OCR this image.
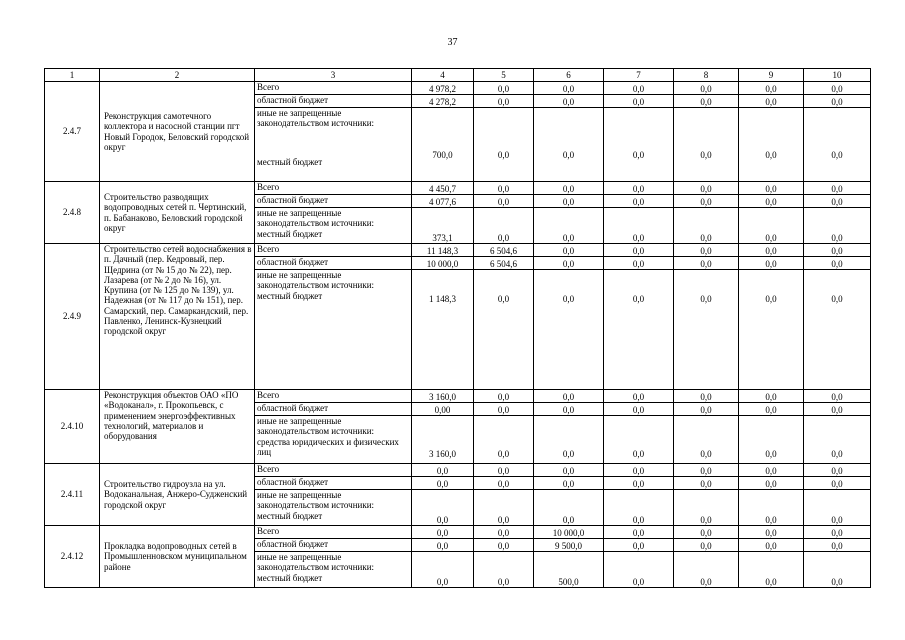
37
1	2	3	4	5	6	7	8	9	10
2.4.7	Реконструкция самотечного коллектора и насосной станции пгт Новый Городок, Беловский городской округ	Всего	4 978,2	0,0	0,0	0,0	0,0	0,0	0,0
		областной бюджет	4 278,2	0,0	0,0	0,0	0,0	0,0	0,0

		иные не запрещенные законодательством источники:
местный бюджет	700,0	0,0	0,0	0,0	0,0	0,0	0,0
2.4.8	Строительство разводящих водопроводных сетей п. Чертинский, п. Бабанаково, Беловский городской округ	Всего	4 450,7	0,0	0,0	0,0	0,0	0,0	0,0
		областной бюджет	4 077,6	0,0	0,0	0,0	0,0	0,0	0,0

		иные не запрещенные законодательством источники:
местный бюджет	373,1	0,0	0,0	0,0	0,0	0,0	0,0
2.4.9	Строительство сетей водоснабжения в п. Дачный (пер. Кедровый, пер. Щедрина (от № 15 до № 22), пер. Лазарева (от № 2 до № 16), ул. Крупина (от № 125 до № 139), ул. Надежная (от № 117 до № 151), пер. Самарский, пер. Самаркандский, пер. Павленко, Ленинск-Кузнецкий городской округ	Всего	11 148,3	6 504,6	0,0	0,0	0,0	0,0	0,0
		областной бюджет	10 000,0	6 504,6	0,0	0,0	0,0	0,0	0,0

		иные не запрещенные законодательством источники:
местный бюджет	1 148,3	0,0	0,0	0,0	0,0	0,0	0,0
2.4.10	Реконструкция объектов ОАО «ПО «Водоканал», г. Прокопьевск, с применением энергоэффективных технологий, материалов и оборудования	Всего	3 160,0	0,0	0,0	0,0	0,0	0,0	0,0
		областной бюджет	0,00	0,0	0,0	0,0	0,0	0,0	0,0

		иные не запрещенные законодательством источники:
средства юридических и физических лиц	3 160,0	0,0	0,0	0,0	0,0	0,0	0,0
2.4.11	Строительство гидроузла на ул. Водоканальная, Анжеро-Судженский городской округ	Всего	0,0	0,0	0,0	0,0	0,0	0,0	0,0
		областной бюджет	0,0	0,0	0,0	0,0	0,0	0,0	0,0

		иные не запрещенные законодательством источники:
местный бюджет	0,0	0,0	0,0	0,0	0,0	0,0	0,0
2.4.12	Прокладка водопроводных сетей в Промышленновском муниципальном районе	Всего	0,0	0,0	10 000,0	0,0	0,0	0,0	0,0
		областной бюджет	0,0	0,0	9 500,0	0,0	0,0	0,0	0,0

		иные не запрещенные законодательством источники:
местный бюджет	0,0	0,0	500,0	0,0	0,0	0,0	0,0
